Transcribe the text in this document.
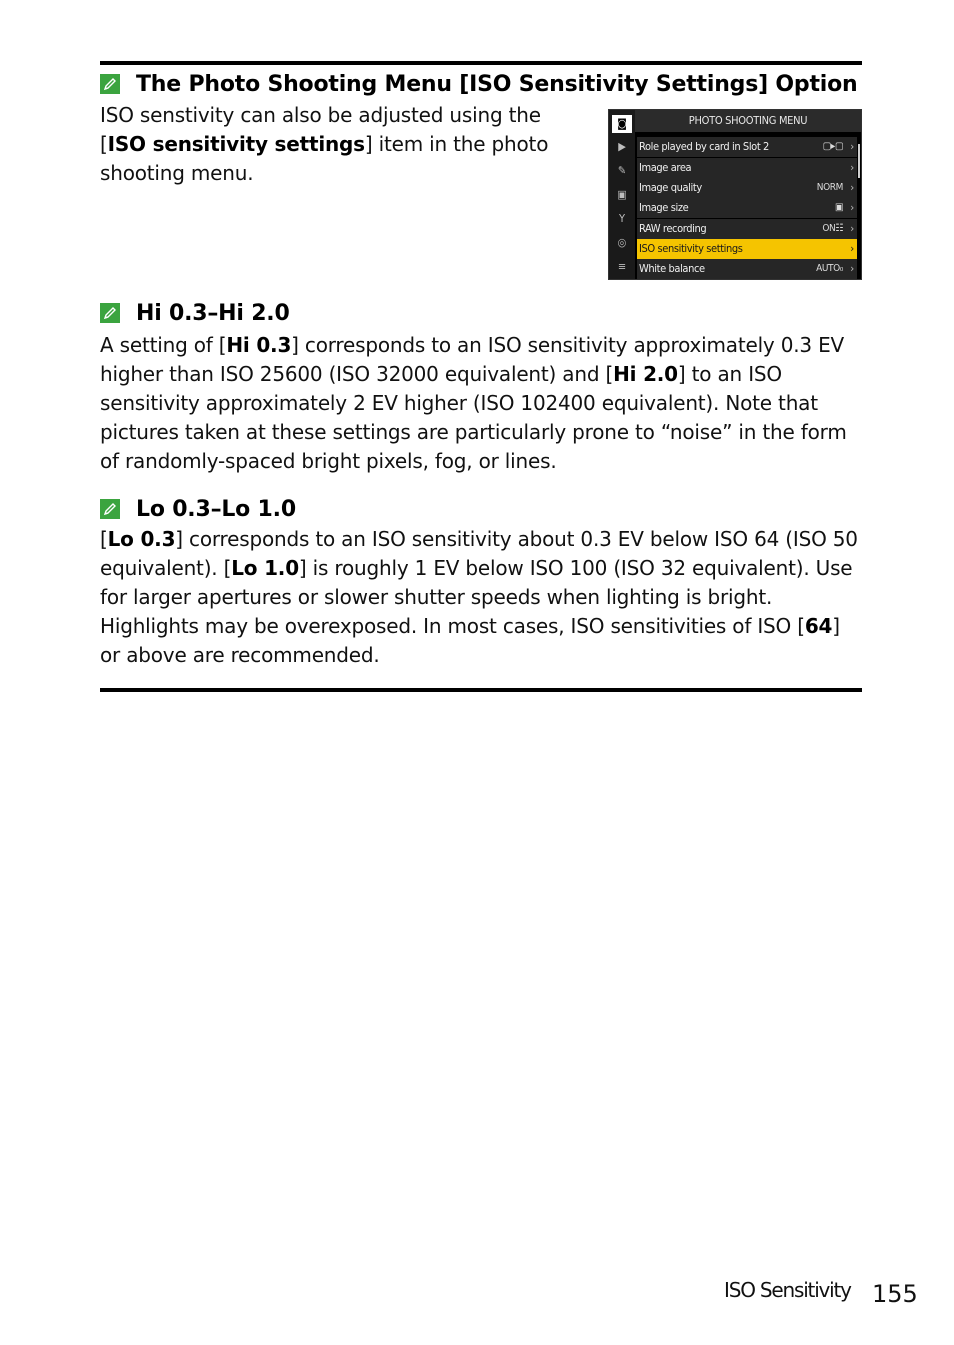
The Photo Shooting Menu [ISO Sensitivity Settings] Option

ISO senstivity can also be adjusted using the [ISO sensitivity settings] item in the photo shooting menu.

◙
▶
✎
▣
Y
◎
≡
PHOTO SHOOTING MENU
Role played by card in Slot 2	▢▸▢ ›
Image area	›
Image quality	NORM ›
Image size	▣ ›
RAW recording	ON☷ ›
ISO sensitivity settings	›
White balance	AUTO₀ ›
Hi 0.3–Hi 2.0

A setting of [Hi 0.3] corresponds to an ISO sensitivity approximately 0.3 EV higher than ISO 25600 (ISO 32000 equivalent) and [Hi 2.0] to an ISO sensitivity approximately 2 EV higher (ISO 102400 equivalent). Note that pictures taken at these settings are particularly prone to “noise” in the form of randomly-spaced bright pixels, fog, or lines.

Lo 0.3–Lo 1.0

[Lo 0.3] corresponds to an ISO sensitivity about 0.3 EV below ISO 64 (ISO 50 equivalent). [Lo 1.0] is roughly 1 EV below ISO 100 (ISO 32 equivalent). Use for larger apertures or slower shutter speeds when lighting is bright. Highlights may be overexposed. In most cases, ISO sensitivities of ISO [64] or above are recommended.

ISO Sensitivity 155
